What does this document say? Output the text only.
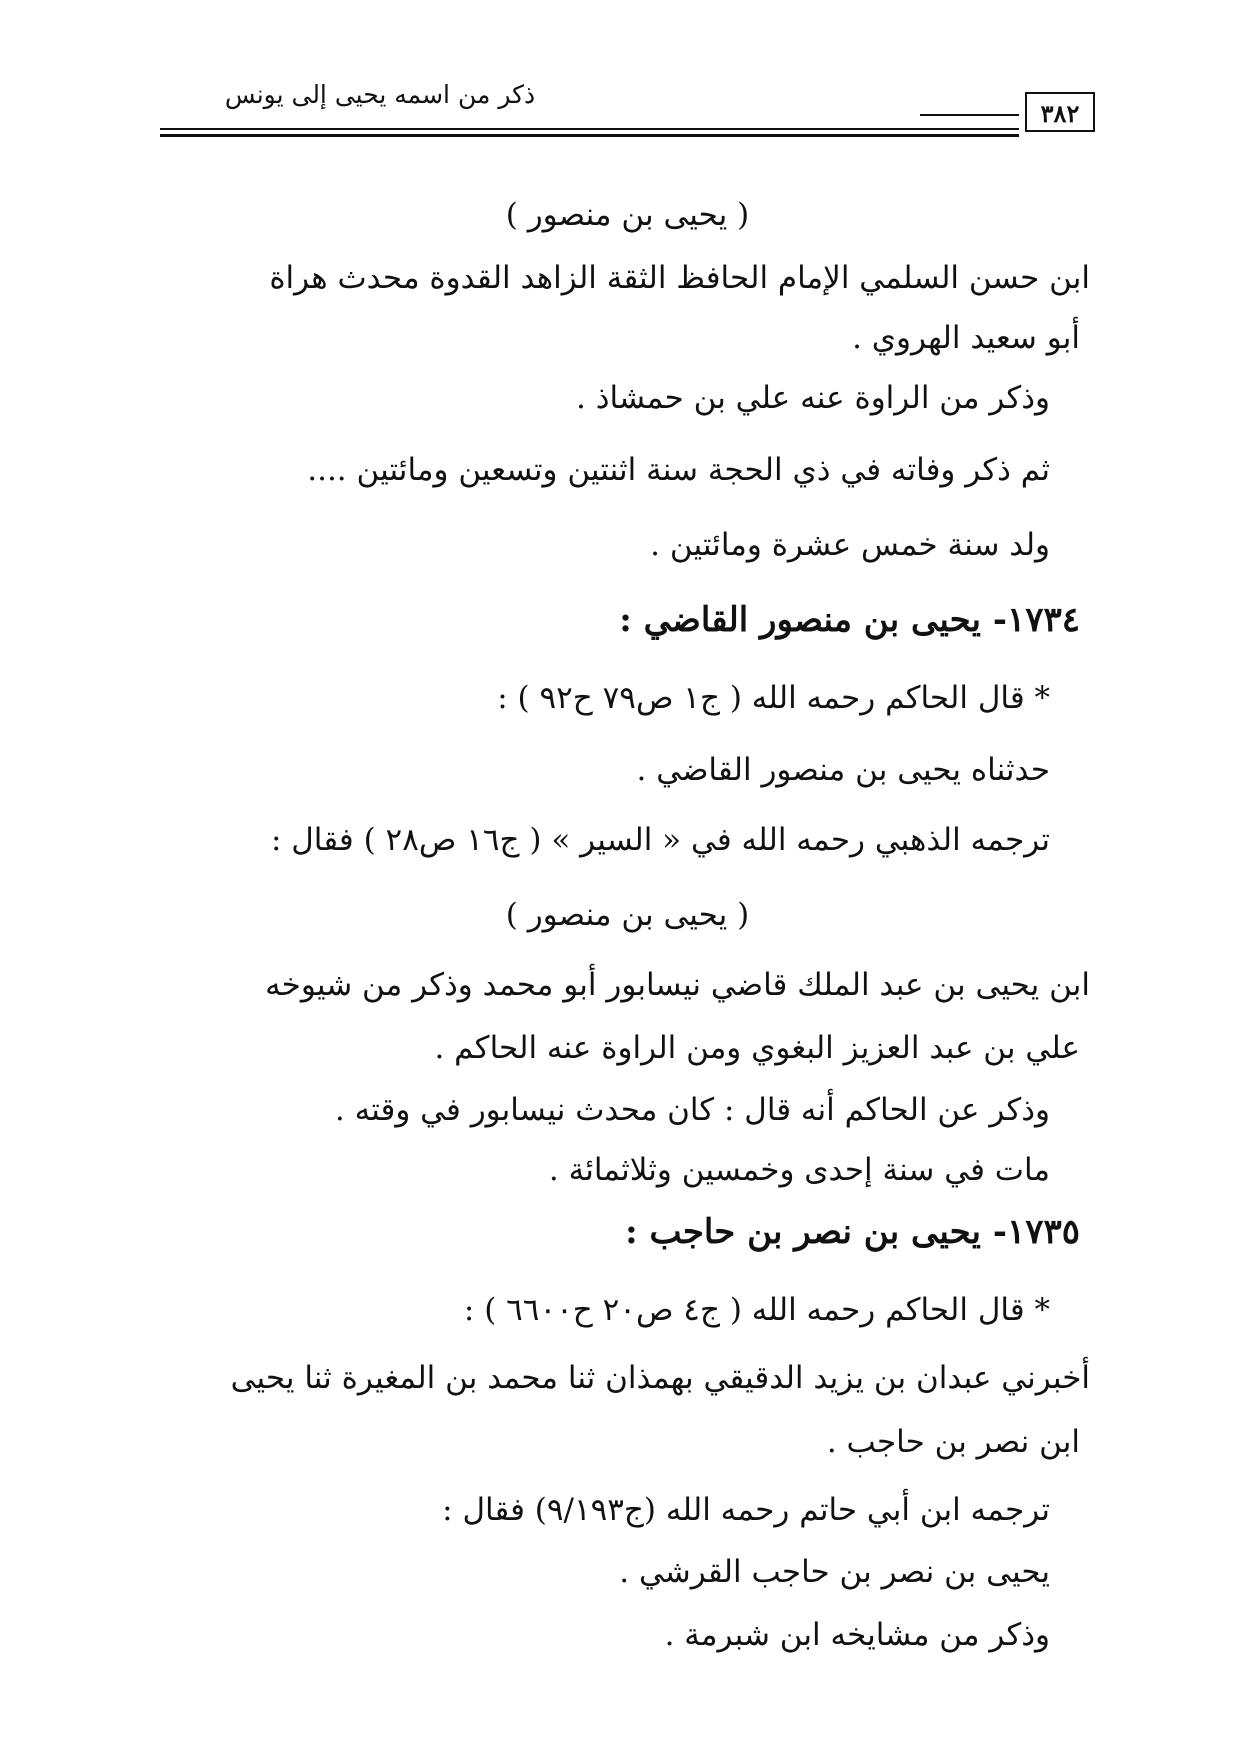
ذكر من اسمه يحيى إلى يونس
٣٨٢
( يحيى بن منصور )
ابن حسن السلمي الإمام الحافظ الثقة الزاهد القدوة محدث هراة
أبو سعيد الهروي .
وذكر من الراوة عنه علي بن حمشاذ .
ثم ذكر وفاته في ذي الحجة سنة اثنتين وتسعين ومائتين ....
ولد سنة خمس عشرة ومائتين .
١٧٣٤- يحيى بن منصور القاضي :
* قال الحاكم رحمه الله ( ج١ ص٧٩ ح٩٢ ) :
حدثناه يحيى بن منصور القاضي .
ترجمه الذهبي رحمه الله في « السير » ( ج١٦ ص٢٨ ) فقال :
( يحيى بن منصور )
ابن يحيى بن عبد الملك قاضي نيسابور أبو محمد وذكر من شيوخه
علي بن عبد العزيز البغوي ومن الراوة عنه الحاكم .
وذكر عن الحاكم أنه قال : كان محدث نيسابور في وقته .
مات في سنة إحدى وخمسين وثلاثمائة .
١٧٣٥- يحيى بن نصر بن حاجب :
* قال الحاكم رحمه الله ( ج٤ ص٢٠ ح٦٦٠٠ ) :
أخبرني عبدان بن يزيد الدقيقي بهمذان ثنا محمد بن المغيرة ثنا يحيى
ابن نصر بن حاجب .
ترجمه ابن أبي حاتم رحمه الله (ج٩/١٩٣) فقال :
يحيى بن نصر بن حاجب القرشي .
وذكر من مشايخه ابن شبرمة .
